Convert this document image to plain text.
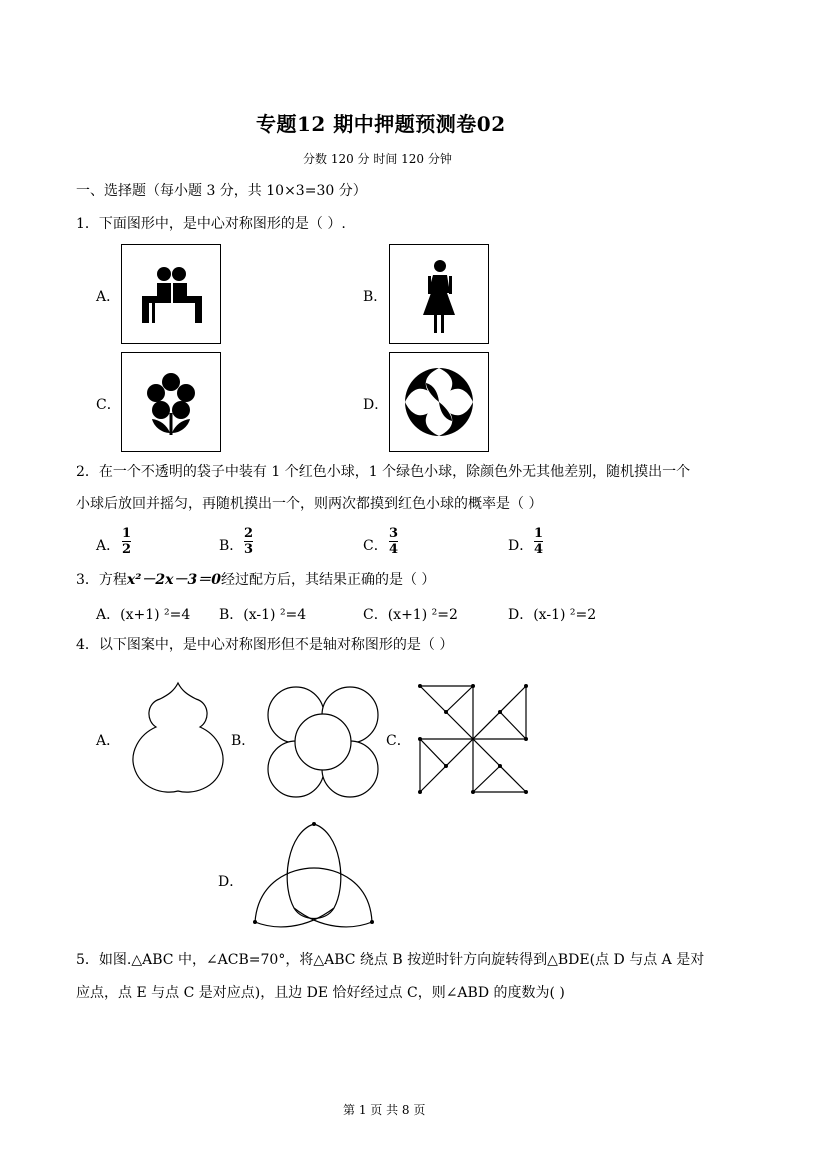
专题12 期中押题预测卷02
分数 120 分 时间 120 分钟
一、选择题（每小题 3 分，共 10×3=30 分）
1．下面图形中，是中心对称图形的是（ ）.
A．	B．
C．	D．
2．在一个不透明的袋子中装有 1 个红色小球，1 个绿色小球，除颜色外无其他差别，随机摸出一个
小球后放回并摇匀，再随机摸出一个，则两次都摸到红色小球的概率是（ ）
A．
1
2	B．
2
3	C．
3
4	D．
1
4
3．方程x²－2x－3＝0经过配方后，其结果正确的是（ ）
A．(x+1) ²=4 B．(x-1) ²=4	C．(x+1) ²=2	D．(x-1) ²=2
4．以下图案中，是中心对称图形但不是轴对称图形的是（ ）
A．	B．	C．
D．
5．如图.△ABC 中，∠ACB=70°，将△ABC 绕点 B 按逆时针方向旋转得到△BDE(点 D 与点 A 是对
应点，点 E 与点 C 是对应点)，且边 DE 恰好经过点 C，则∠ABD 的度数为( )
第 1 页 共 8 页
